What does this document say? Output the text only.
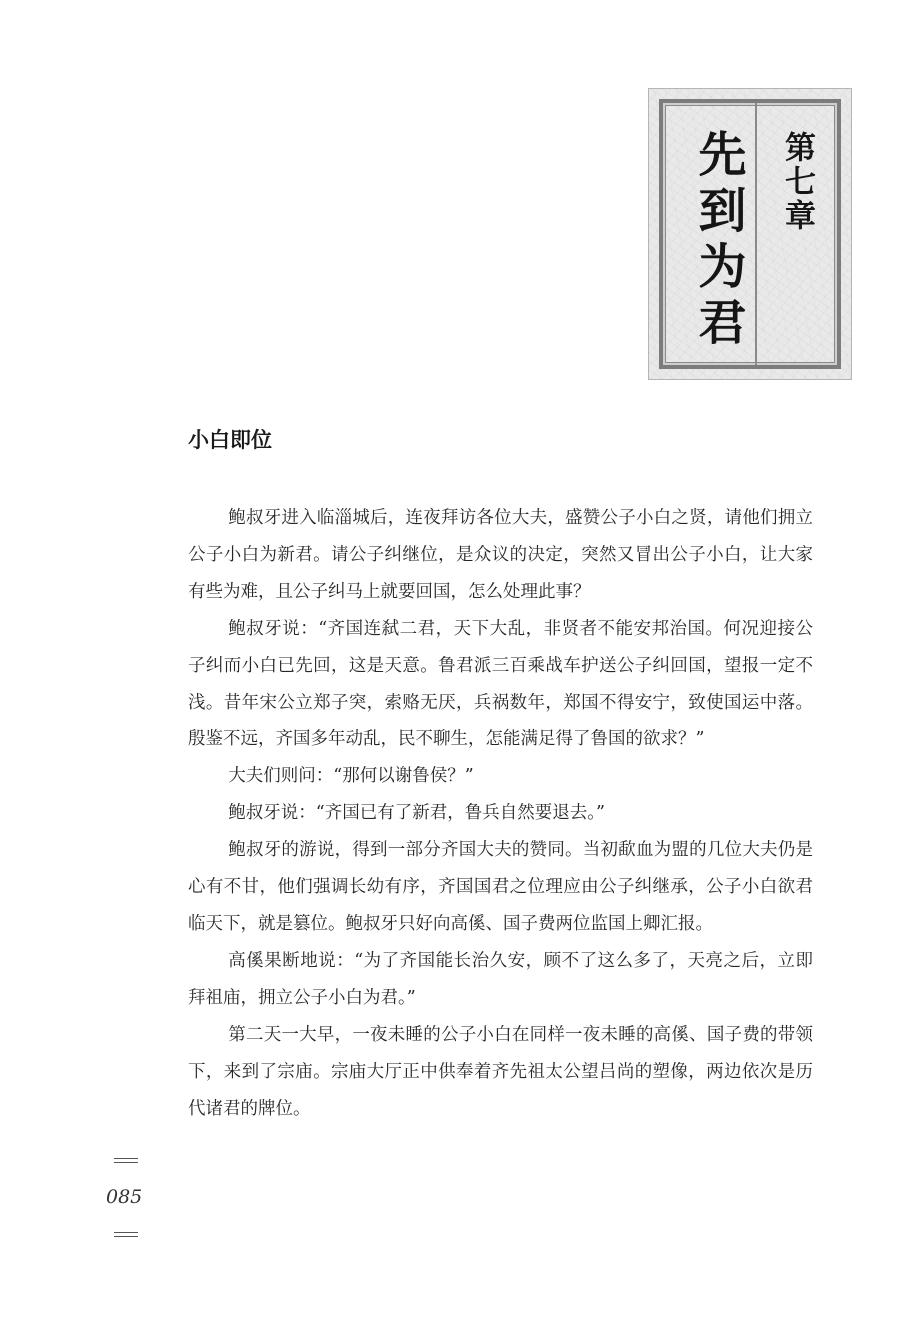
先到为君 第七章
小白即位

鲍叔牙进入临淄城后，连夜拜访各位大夫，盛赞公子小白之贤，请他们拥立公子小白为新君。请公子纠继位，是众议的决定，突然又冒出公子小白，让大家有些为难，且公子纠马上就要回国，怎么处理此事？

鲍叔牙说：“齐国连弑二君，天下大乱，非贤者不能安邦治国。何况迎接公子纠而小白已先回，这是天意。鲁君派三百乘战车护送公子纠回国，望报一定不浅。昔年宋公立郑子突，索赂无厌，兵祸数年，郑国不得安宁，致使国运中落。殷鉴不远，齐国多年动乱，民不聊生，怎能满足得了鲁国的欲求？”

大夫们则问：“那何以谢鲁侯？”

鲍叔牙说：“齐国已有了新君，鲁兵自然要退去。”

鲍叔牙的游说，得到一部分齐国大夫的赞同。当初歃血为盟的几位大夫仍是心有不甘，他们强调长幼有序，齐国国君之位理应由公子纠继承，公子小白欲君临天下，就是篡位。鲍叔牙只好向高傒、国子费两位监国上卿汇报。

高傒果断地说：“为了齐国能长治久安，顾不了这么多了，天亮之后，立即拜祖庙，拥立公子小白为君。”

第二天一大早，一夜未睡的公子小白在同样一夜未睡的高傒、国子费的带领下，来到了宗庙。宗庙大厅正中供奉着齐先祖太公望吕尚的塑像，两边依次是历代诸君的牌位。

085
